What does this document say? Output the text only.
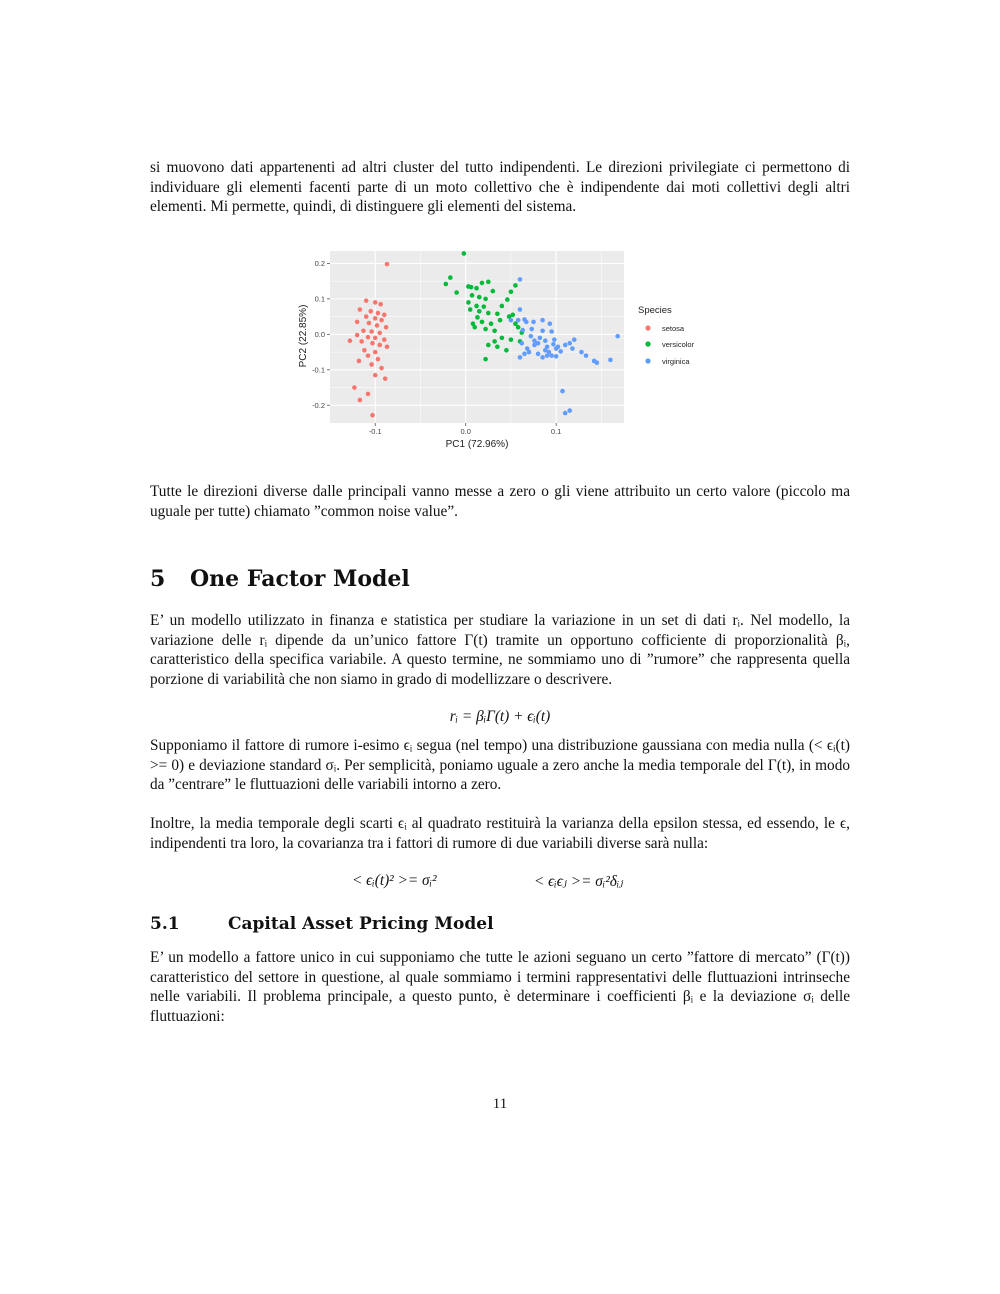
si muovono dati appartenenti ad altri cluster del tutto indipendenti. Le direzioni privilegiate ci permettono di individuare gli elementi facenti parte di un moto collettivo che è indipendente dai moti collettivi degli altri elementi. Mi permette, quindi, di distinguere gli elementi del sistema.

-0.1	0.0	0.1
0.2
0.1
0.0
-0.1
-0.2
PC1 (72.96%)
PC2 (22.85%)	Species
setosa
versicolor
virginica

Tutte le direzioni diverse dalle principali vanno messe a zero o gli viene attribuito un certo valore (piccolo ma uguale per tutte) chiamato ”common noise value”.

5 One Factor Model

E’ un modello utilizzato in finanza e statistica per studiare la variazione in un set di dati rᵢ. Nel modello, la variazione delle rᵢ dipende da un’unico fattore Γ(t) tramite un opportuno cofficiente di proporzionalità βᵢ, caratteristico della specifica variabile. A questo termine, ne sommiamo uno di ”rumore” che rappresenta quella porzione di variabilità che non siamo in grado di modellizzare o descrivere.

rᵢ = βᵢΓ(t) + ϵᵢ(t)

Supponiamo il fattore di rumore i-esimo ϵᵢ segua (nel tempo) una distribuzione gaussiana con media nulla (< ϵᵢ(t) >= 0) e deviazione standard σᵢ. Per semplicità, poniamo uguale a zero anche la media temporale del Γ(t), in modo da ”centrare” le fluttuazioni delle variabili intorno a zero.

Inoltre, la media temporale degli scarti ϵᵢ al quadrato restituirà la varianza della epsilon stessa, ed essendo, le ϵ, indipendenti tra loro, la covarianza tra i fattori di rumore di due variabili diverse sarà nulla:

< ϵᵢ(t)² >= σᵢ²	< ϵᵢϵⱼ >= σᵢ²δᵢⱼ
5.1	Capital Asset Pricing Model

E’ un modello a fattore unico in cui supponiamo che tutte le azioni seguano un certo ”fattore di mercato” (Γ(t)) caratteristico del settore in questione, al quale sommiamo i termini rappresentativi delle fluttuazioni intrinseche nelle variabili. Il problema principale, a questo punto, è determinare i coefficienti βᵢ e la deviazione σᵢ delle fluttuazioni:

11
